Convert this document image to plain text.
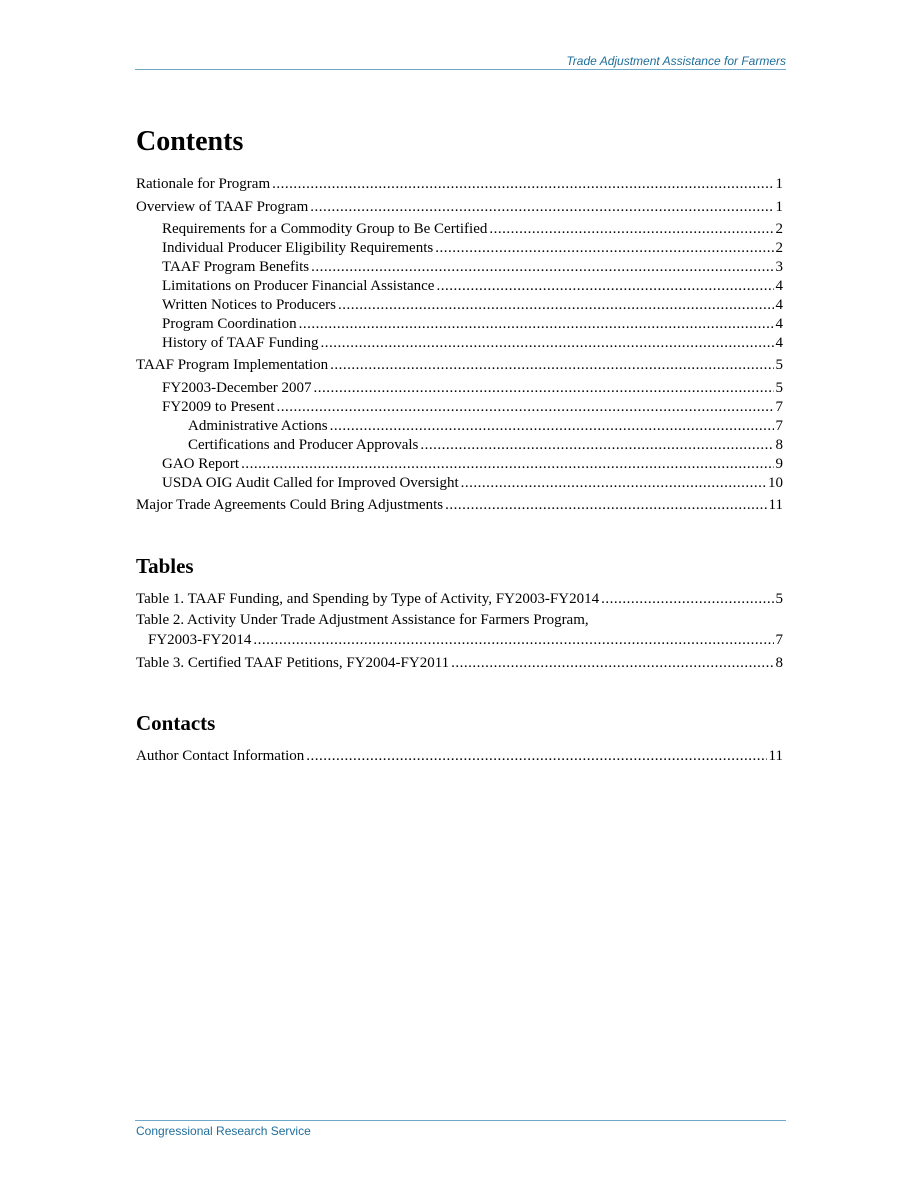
Trade Adjustment Assistance for Farmers
Contents
Rationale for Program .....	1
Overview of TAAF Program .....	1
Requirements for a Commodity Group to Be Certified .....	2
Individual Producer Eligibility Requirements .....	2
TAAF Program Benefits .....	3
Limitations on Producer Financial Assistance .....	4
Written Notices to Producers .....	4
Program Coordination .....	4
History of TAAF Funding .....	4
TAAF Program Implementation .....	5
FY2003-December 2007 .....	5
FY2009 to Present .....	7
Administrative Actions .....	7
Certifications and Producer Approvals .....	8
GAO Report .....	9
USDA OIG Audit Called for Improved Oversight .....	10
Major Trade Agreements Could Bring Adjustments .....	11
Tables
Table 1. TAAF Funding, and Spending by Type of Activity, FY2003-FY2014 .....	5
Table 2. Activity Under Trade Adjustment Assistance for Farmers Program,
FY2003-FY2014 .....	7
Table 3. Certified TAAF Petitions, FY2004-FY2011 .....	8
Contacts
Author Contact Information .....	11
Congressional Research Service
